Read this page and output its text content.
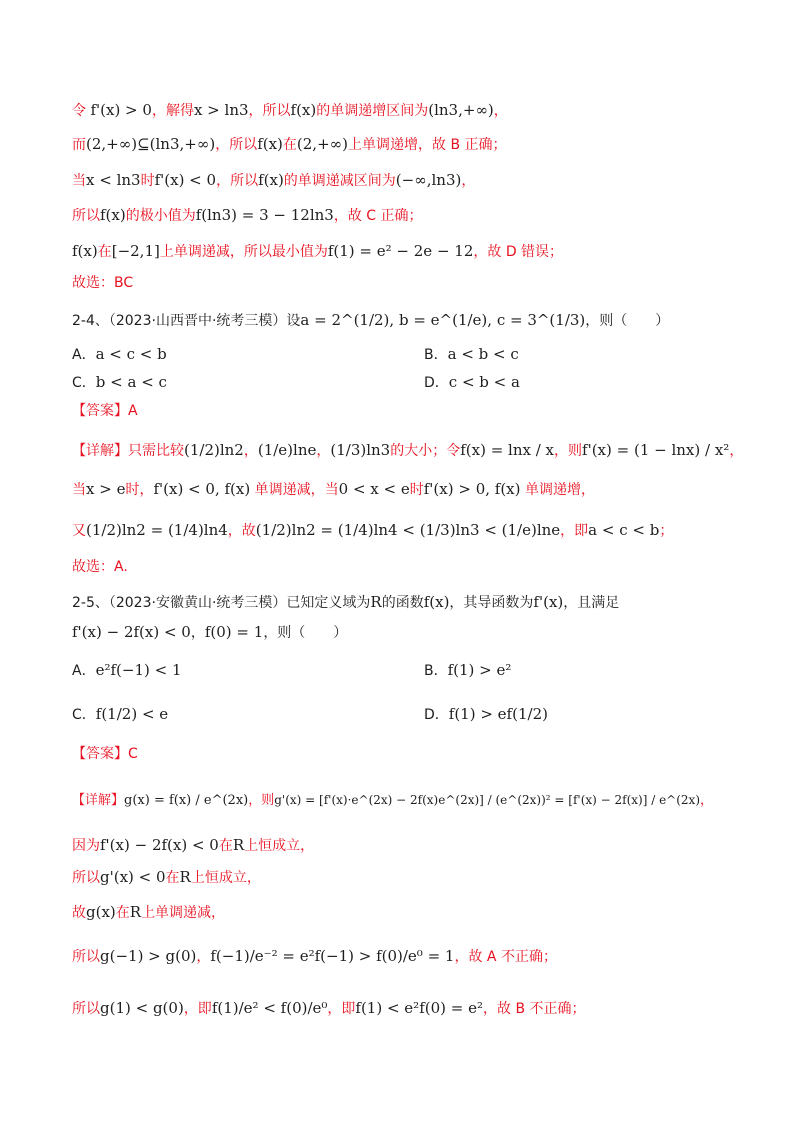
令 f'(x) > 0，解得x > ln3，所以f(x)的单调递增区间为(ln3,+∞)，
而(2,+∞)⊆(ln3,+∞)，所以f(x)在(2,+∞)上单调递增，故 B 正确；
当x < ln3时f'(x) < 0，所以f(x)的单调递减区间为(−∞,ln3)，
所以f(x)的极小值为f(ln3) = 3 − 12ln3，故 C 正确；
f(x)在[−2,1]上单调递减，所以最小值为f(1) = e² − 2e − 12，故 D 错误；
故选：BC
2-4、（2023·山西晋中·统考三模）设a = 2^(1/2), b = e^(1/e), c = 3^(1/3)，则（　　）
A．a < c < b	B．a < b < c
C．b < a < c	D．c < b < a
【答案】A
【详解】只需比较(1/2)ln2，(1/e)lne，(1/3)ln3的大小；令f(x) = lnx / x，则f'(x) = (1 − lnx) / x²，
当x > e时，f'(x) < 0, f(x) 单调递减，当0 < x < e时f'(x) > 0, f(x) 单调递增，
又(1/2)ln2 = (1/4)ln4，故(1/2)ln2 = (1/4)ln4 < (1/3)ln3 < (1/e)lne，即a < c < b；
故选：A.
2-5、（2023·安徽黄山·统考三模）已知定义域为R的函数f(x)，其导函数为f'(x)，且满足
f'(x) − 2f(x) < 0，f(0) = 1，则（　　）
A．e²f(−1) < 1	B．f(1) > e²
C．f(1/2) < e	D．f(1) > ef(1/2)
【答案】C
【详解】g(x) = f(x) / e^(2x)，则g'(x) = [f'(x)·e^(2x) − 2f(x)e^(2x)] / (e^(2x))² = [f'(x) − 2f(x)] / e^(2x)，
因为f'(x) − 2f(x) < 0在R上恒成立，
所以g'(x) < 0在R上恒成立，
故g(x)在R上单调递减，
所以g(−1) > g(0)，f(−1)/e⁻² = e²f(−1) > f(0)/e⁰ = 1，故 A 不正确；
所以g(1) < g(0)，即f(1)/e² < f(0)/e⁰，即f(1) < e²f(0) = e²，故 B 不正确；
